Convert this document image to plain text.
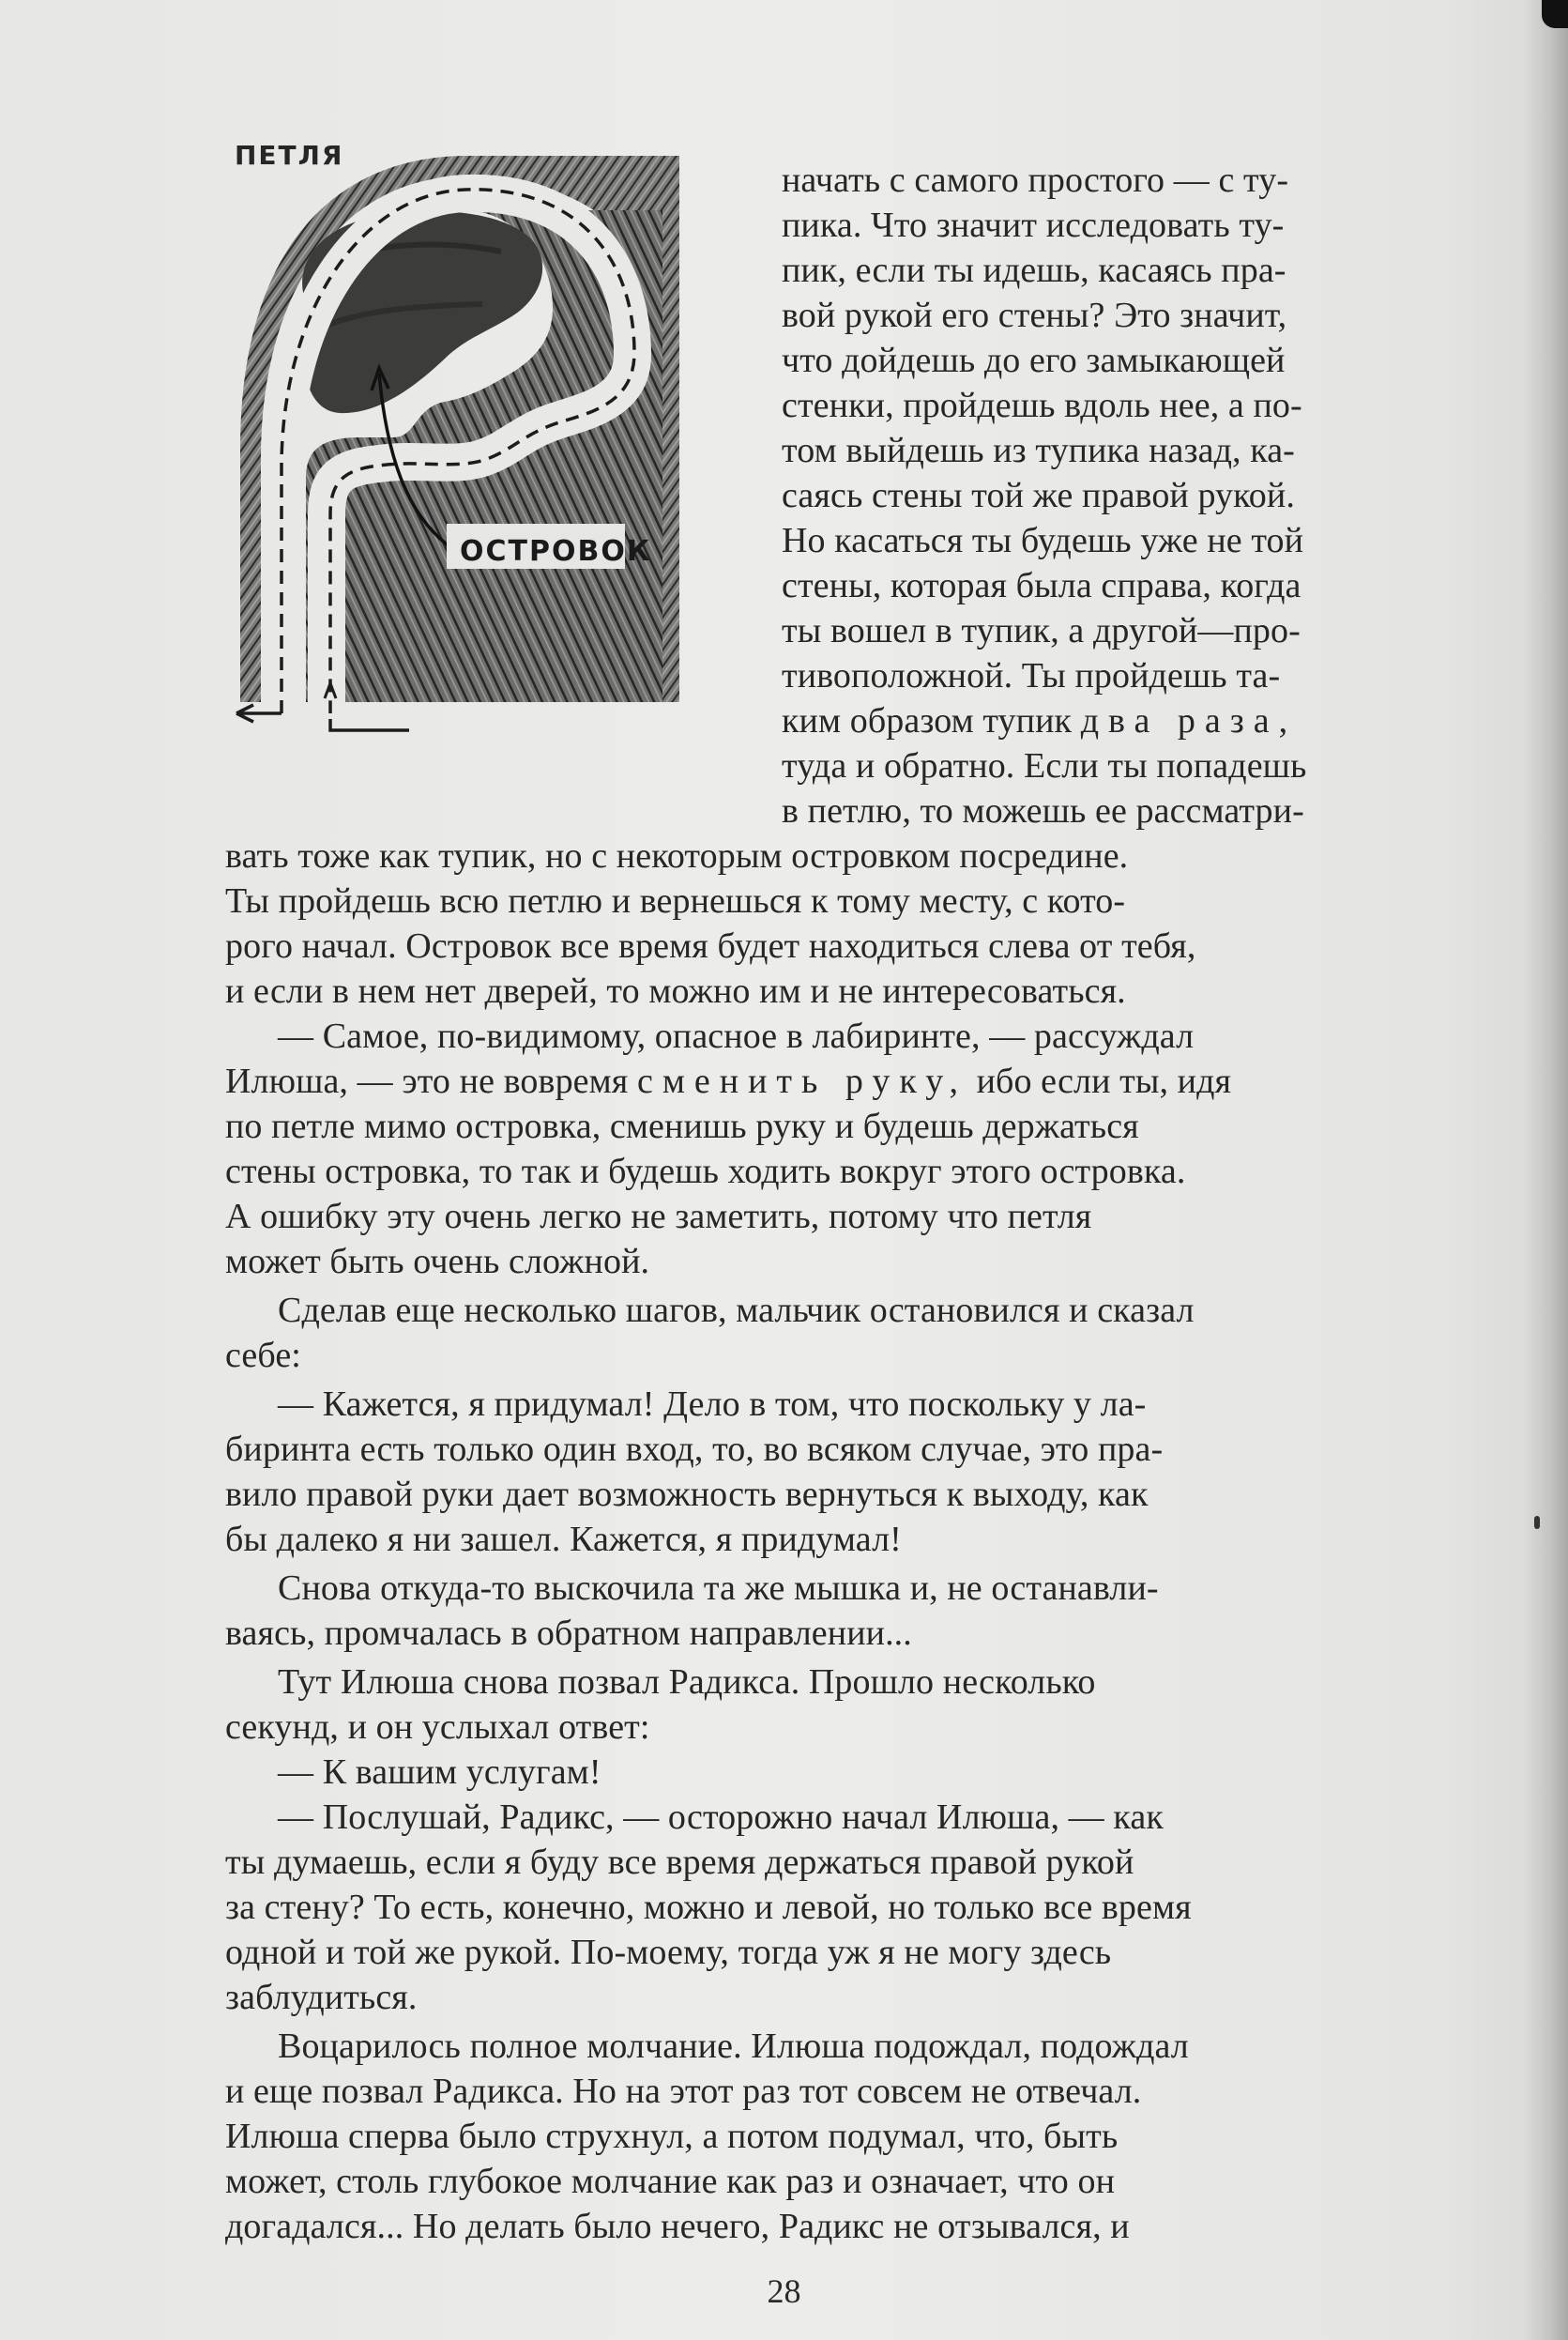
ОСТРОВОК
ПЕТЛЯ
начать с самого простого — с ту-
пика. Что значит исследовать ту-
пик, если ты идешь, касаясь пра-
вой рукой его стены? Это значит,
что дойдешь до его замыкающей
стенки, пройдешь вдоль нее, а по-
том выйдешь из тупика назад, ка-
саясь стены той же правой рукой.
Но касаться ты будешь уже не той
стены, которая была справа, когда
ты вошел в тупик, а другой—про-
тивоположной. Ты пройдешь та-
ким образом тупик два раза,
туда и обратно. Если ты попадешь
в петлю, то можешь ее рассматри-
вать тоже как тупик, но с некоторым островком посредине.
Ты пройдешь всю петлю и вернешься к тому месту, с кото-
рого начал. Островок все время будет находиться слева от тебя,
и если в нем нет дверей, то можно им и не интересоваться.
— Самое, по-видимому, опасное в лабиринте, — рассуждал
Илюша, — это не вовремя сменить руку, ибо если ты, идя
по петле мимо островка, сменишь руку и будешь держаться
стены островка, то так и будешь ходить вокруг этого островка.
А ошибку эту очень легко не заметить, потому что петля
может быть очень сложной.
Сделав еще несколько шагов, мальчик остановился и сказал
себе:
— Кажется, я придумал! Дело в том, что поскольку у ла-
биринта есть только один вход, то, во всяком случае, это пра-
вило правой руки дает возможность вернуться к выходу, как
бы далеко я ни зашел. Кажется, я придумал!
Снова откуда-то выскочила та же мышка и, не останавли-
ваясь, промчалась в обратном направлении...
Тут Илюша снова позвал Радикса. Прошло несколько
секунд, и он услыхал ответ:
— К вашим услугам!
— Послушай, Радикс, — осторожно начал Илюша, — как
ты думаешь, если я буду все время держаться правой рукой
за стену? То есть, конечно, можно и левой, но только все время
одной и той же рукой. По-моему, тогда уж я не могу здесь
заблудиться.
Воцарилось полное молчание. Илюша подождал, подождал
и еще позвал Радикса. Но на этот раз тот совсем не отвечал.
Илюша сперва было струхнул, а потом подумал, что, быть
может, столь глубокое молчание как раз и означает, что он
догадался... Но делать было нечего, Радикс не отзывался, и
28
